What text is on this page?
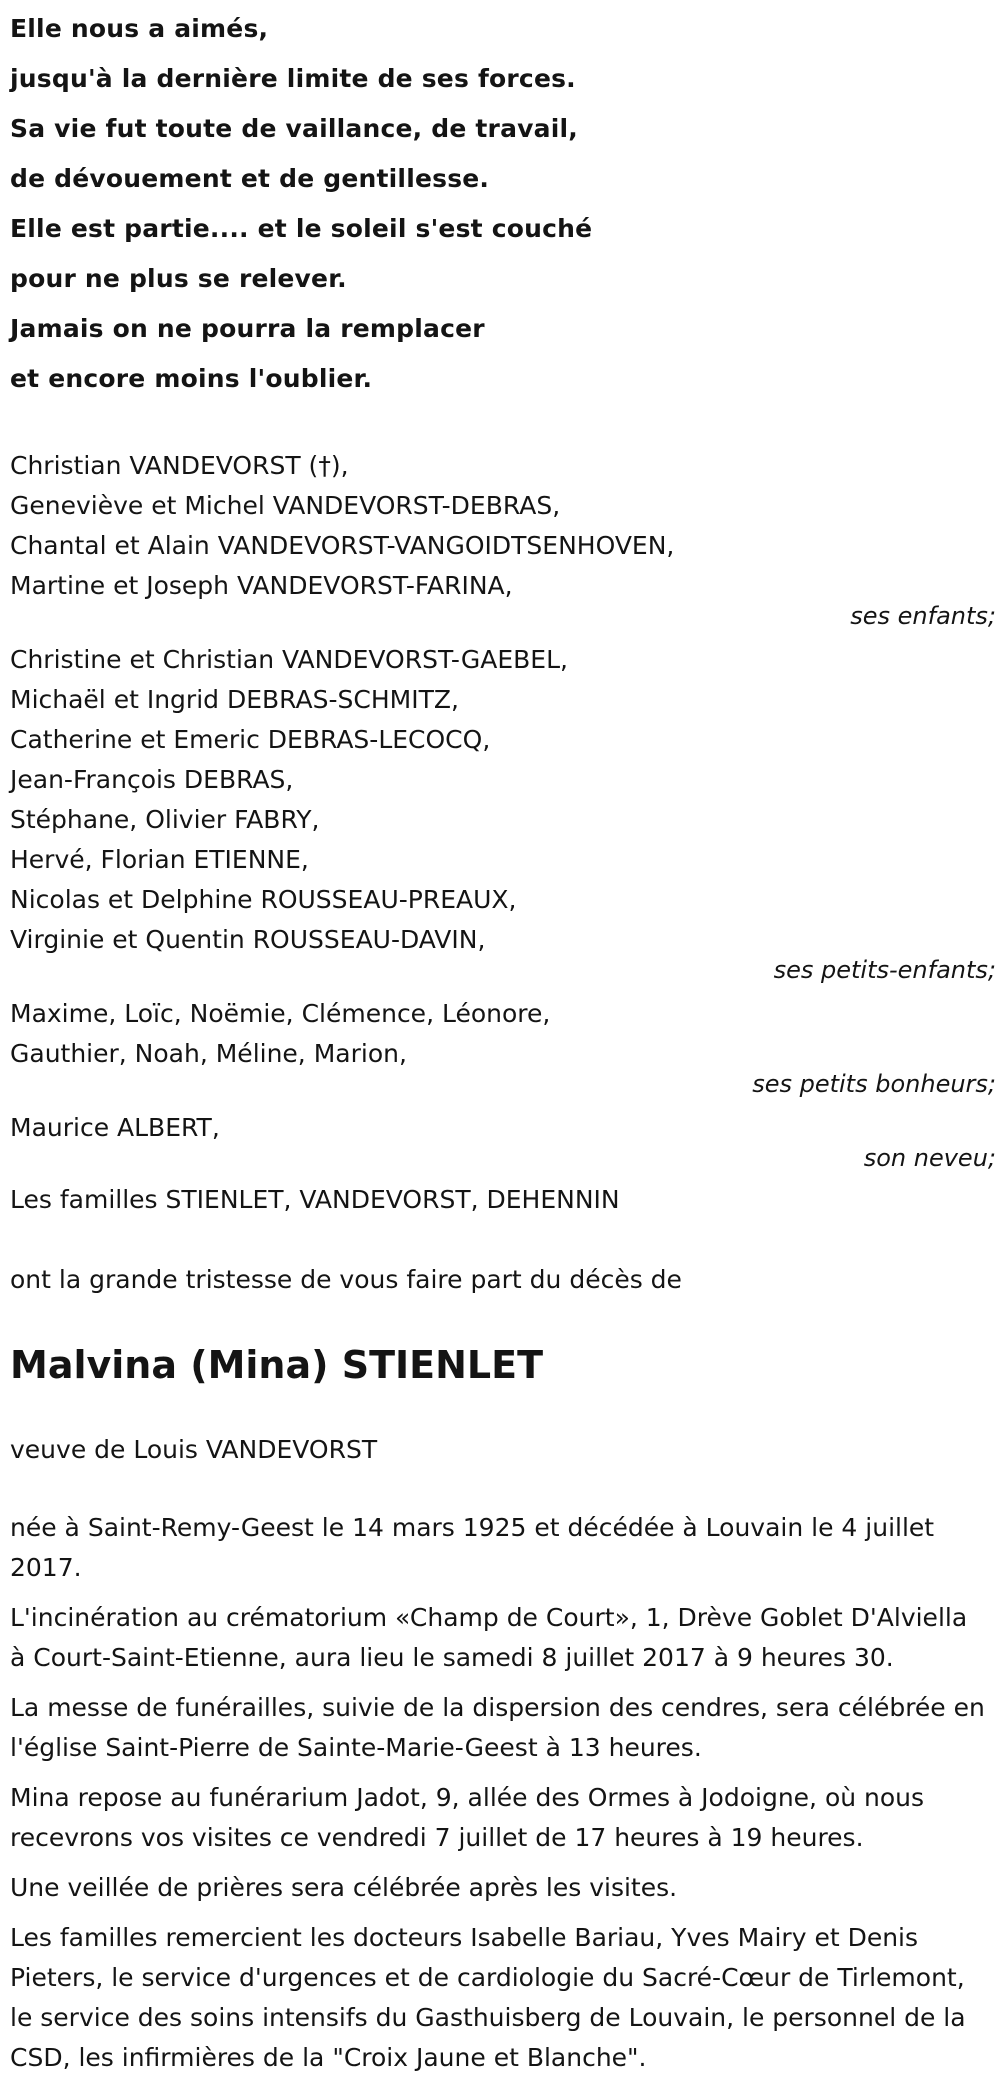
Elle nous a aimés,
jusqu'à la dernière limite de ses forces.
Sa vie fut toute de vaillance, de travail,
de dévouement et de gentillesse.
Elle est partie.... et le soleil s'est couché
pour ne plus se relever.
Jamais on ne pourra la remplacer
et encore moins l'oublier.
Christian VANDEVORST (†),
Geneviève et Michel VANDEVORST-DEBRAS,
Chantal et Alain VANDEVORST-VANGOIDTSENHOVEN,
Martine et Joseph VANDEVORST-FARINA,
ses enfants;
Christine et Christian VANDEVORST-GAEBEL,
Michaël et Ingrid DEBRAS-SCHMITZ,
Catherine et Emeric DEBRAS-LECOCQ,
Jean-François DEBRAS,
Stéphane, Olivier FABRY,
Hervé, Florian ETIENNE,
Nicolas et Delphine ROUSSEAU-PREAUX,
Virginie et Quentin ROUSSEAU-DAVIN,
ses petits-enfants;
Maxime, Loïc, Noëmie, Clémence, Léonore,
Gauthier, Noah, Méline, Marion,
ses petits bonheurs;
Maurice ALBERT,
son neveu;
Les familles STIENLET, VANDEVORST, DEHENNIN
ont la grande tristesse de vous faire part du décès de
Malvina (Mina) STIENLET
veuve de Louis VANDEVORST
née à Saint-Remy-Geest le 14 mars 1925 et décédée à Louvain le 4 juillet 2017.
L'incinération au crématorium «Champ de Court», 1, Drève Goblet D'Alviella à Court-Saint-Etienne, aura lieu le samedi 8 juillet 2017 à 9 heures 30.
La messe de funérailles, suivie de la dispersion des cendres, sera célébrée en l'église Saint-Pierre de Sainte-Marie-Geest à 13 heures.
Mina repose au funérarium Jadot, 9, allée des Ormes à Jodoigne, où nous recevrons vos visites ce vendredi 7 juillet de 17 heures à 19 heures.
Une veillée de prières sera célébrée après les visites.
Les familles remercient les docteurs Isabelle Bariau, Yves Mairy et Denis Pieters, le service d'urgences et de cardiologie du Sacré-Cœur de Tirlemont, le service des soins intensifs du Gasthuisberg de Louvain, le personnel de la CSD, les infirmières de la "Croix Jaune et Blanche".
